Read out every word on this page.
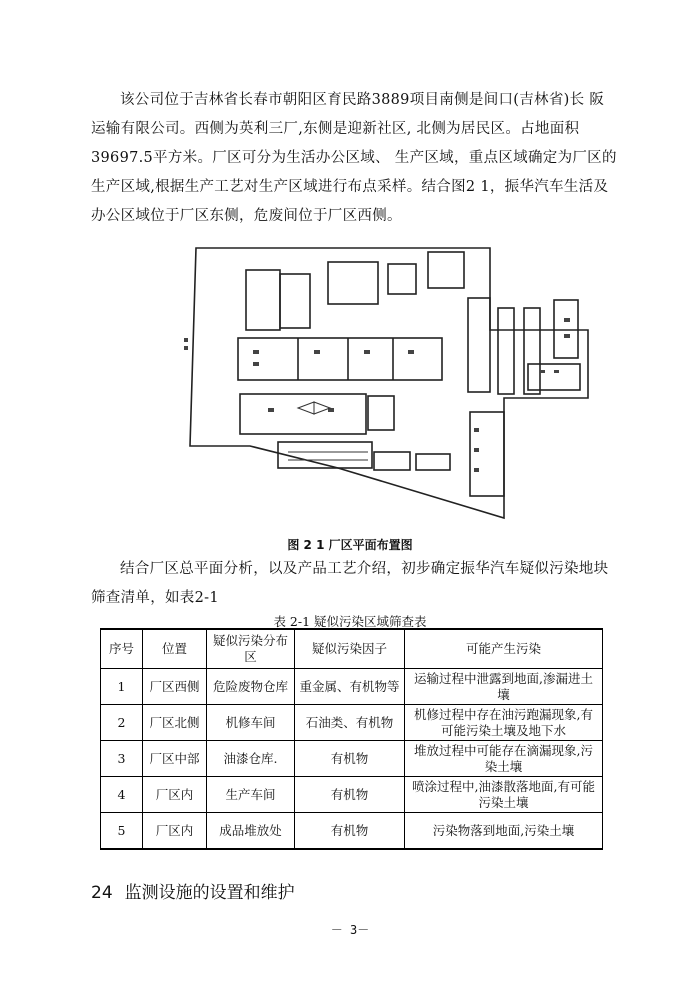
该公司位于吉林省长春市朝阳区育民路3889项目南侧是间口(吉林省)长 阪
运输有限公司。西侧为英利三厂,东侧是迎新社区, 北侧为居民区。占地面积
39697.5平方米。厂区可分为生活办公区域、 生产区域，重点区域确定为厂区的
生产区域,根据生产工艺对生产区域进行布点采样。结合图2 1，振华汽车生活及
办公区域位于厂区东侧，危废间位于厂区西侧。
图 2 1 厂区平面布置图
结合厂区总平面分析，以及产品工艺介绍，初步确定振华汽车疑似污染地块
筛查清单，如表2-1
表 2-1 疑似污染区域筛查表
序号	位置	疑似污染分布区	疑似污染因子	可能产生污染
1	厂区西侧	危险废物仓库	重金属、有机物等	运输过程中泄露到地面,渗漏进土壤
2	厂区北侧	机修车间	石油类、有机物	机修过程中存在油污跑漏现象,有可能污染土壤及地下水
3	厂区中部	油漆仓库.	有机物	堆放过程中可能存在滴漏现象,污染土壤
4	厂区内	生产车间	有机物	喷涂过程中,油漆散落地面,有可能污染土壤
5	厂区内	成品堆放处	有机物	污染物落到地面,污染土壤
24 监测设施的设置和维护
－ 3－
